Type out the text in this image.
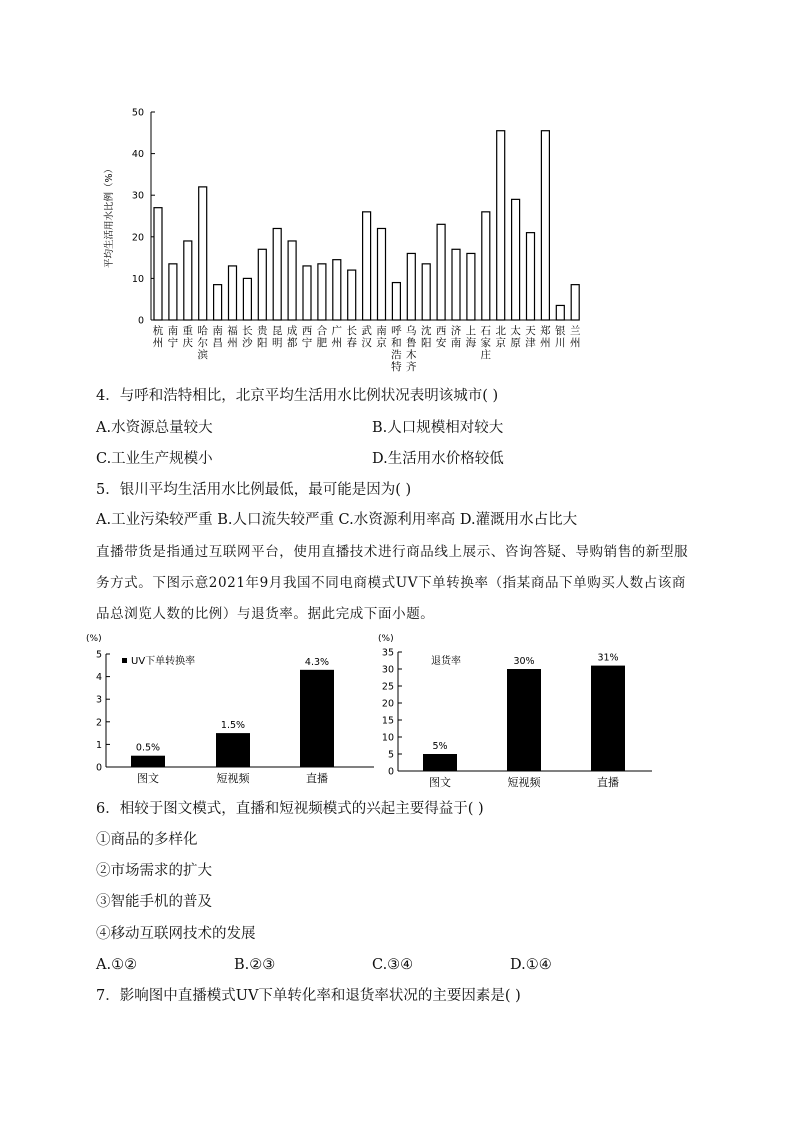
0
10
20
30
40
50
平均生活用水比例（%）
杭州
南宁
重庆
哈尔滨
南昌
福州
长沙
贵阳
昆明
成都
西宁
合肥
广州
长春
武汉
南京
呼和浩特
乌鲁木齐
沈阳
西安
济南
上海
石家庄
北京
太原
天津
郑州
银川
兰州
4．与呼和浩特相比，北京平均生活用水比例状况表明该城市( )
A.水资源总量较大	B.人口规模相对较大
C.工业生产规模小	D.生活用水价格较低
5．银川平均生活用水比例最低，最可能是因为( )
A.工业污染较严重 B.人口流失较严重 C.水资源利用率高 D.灌溉用水占比大
直播带货是指通过互联网平台，使用直播技术进行商品线上展示、咨询答疑、导购销售的新型服务方式。下图示意2021年9月我国不同电商模式UV下单转换率（指某商品下单购买人数占该商品总浏览人数的比例）与退货率。据此完成下面小题。
(%)
0
1
2
3
4
5
UV下单转换率
0.5%
图文
1.5%
短视频
4.3%
直播
(%)
0
5
10
15
20
25
30
35
退货率
5%
图文
30%
短视频
31%
直播
6．相较于图文模式，直播和短视频模式的兴起主要得益于( )
①商品的多样化
②市场需求的扩大
③智能手机的普及
④移动互联网技术的发展
A.①②	B.②③	C.③④	D.①④
7．影响图中直播模式UV下单转化率和退货率状况的主要因素是( )
